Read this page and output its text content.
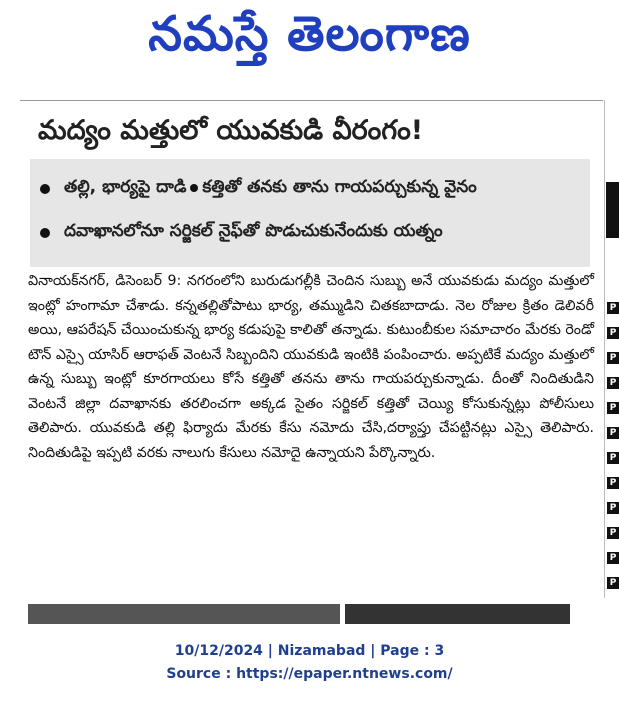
నమస్తే తెలంగాణ
మద్యం మత్తులో యువకుడి వీరంగం!
తల్లి, భార్యపై దాడి కత్తితో తనకు తాను గాయపర్చుకున్న వైనం
దవాఖానలోనూ సర్జికల్ నైఫ్‌తో పొడుచుకునేందుకు యత్నం
వినాయక్‌నగర్, డిసెంబర్ 9: నగరంలోని బురుడుగల్లీకి చెందిన సుబ్బు అనే యువకుడు మద్యం మత్తులో ఇంట్లో హంగామా చేశాడు. కన్నతల్లితోపాటు భార్య, తమ్ముడిని చితకబాదాడు. నెల రోజుల క్రితం డెలివరీ అయి, ఆపరేషన్ చేయించుకున్న భార్య కడుపుపై కాలితో తన్నాడు. కుటుంబీకుల సమాచారం మేరకు రెండో టౌన్ ఎస్సై యాసిర్ ఆరాఫత్ వెంటనే సిబ్బందిని యువకుడి ఇంటికి పంపించారు. అప్పటికే మద్యం మత్తులో ఉన్న సుబ్బు ఇంట్లో కూరగాయలు కోసే కత్తితో తనను తాను గాయపర్చుకున్నాడు. దీంతో నిందితుడిని వెంటనే జిల్లా దవాఖానకు తరలించగా అక్కడ సైతం సర్జికల్ కత్తితో చెయ్యి కోసుకున్నట్లు పోలీసులు తెలిపారు. యువకుడి తల్లి ఫిర్యాదు మేరకు కేసు నమోదు చేసి,దర్యాప్తు చేపట్టినట్లు ఎస్సై తెలిపారు. నిందితుడిపై ఇప్పటి వరకు నాలుగు కేసులు నమోదై ఉన్నాయని పేర్కొన్నారు.
P
P
P
P
P
P
P
P
P
P
P
P
10/12/2024 | Nizamabad | Page : 3
Source : https://epaper.ntnews.com/
